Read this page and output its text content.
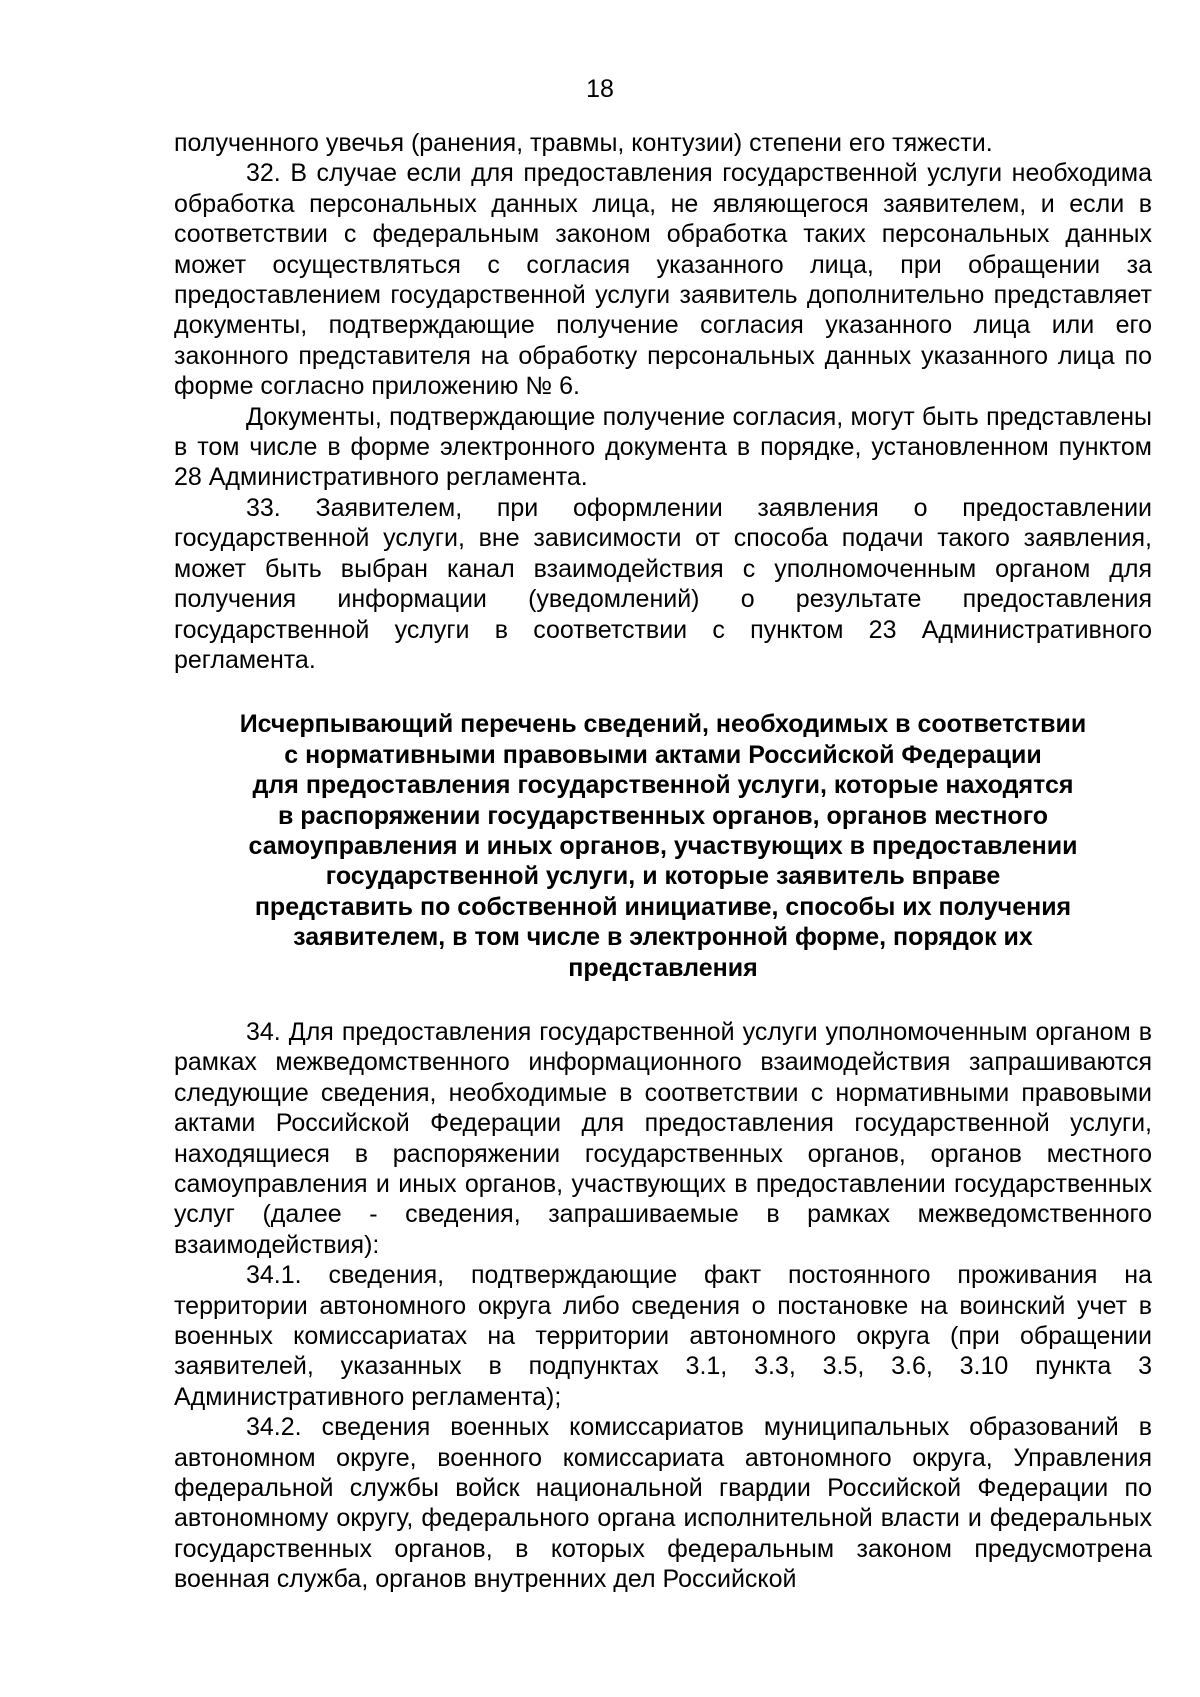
18

полученного увечья (ранения, травмы, контузии) степени его тяжести.

32. В случае если для предоставления государственной услуги необходима обработка персональных данных лица, не являющегося заявителем, и если в соответствии с федеральным законом обработка таких персональных данных может осуществляться с согласия указанного лица, при обращении за предоставлением государственной услуги заявитель дополнительно представляет документы, подтверждающие получение согласия указанного лица или его законного представителя на обработку персональных данных указанного лица по форме согласно приложению № 6.

Документы, подтверждающие получение согласия, могут быть представлены в том числе в форме электронного документа в порядке, установленном пунктом 28 Административного регламента.

33. Заявителем, при оформлении заявления о предоставлении государственной услуги, вне зависимости от способа подачи такого заявления, может быть выбран канал взаимодействия с уполномоченным органом для получения информации (уведомлений) о результате предоставления государственной услуги в соответствии с пунктом 23 Административного регламента.

Исчерпывающий перечень сведений, необходимых в соответствии
с нормативными правовыми актами Российской Федерации
для предоставления государственной услуги, которые находятся
в распоряжении государственных органов, органов местного
самоуправления и иных органов, участвующих в предоставлении
государственной услуги, и которые заявитель вправе
представить по собственной инициативе, способы их получения
заявителем, в том числе в электронной форме, порядок их
представления

34. Для предоставления государственной услуги уполномоченным органом в рамках межведомственного информационного взаимодействия запрашиваются следующие сведения, необходимые в соответствии с нормативными правовыми актами Российской Федерации для предоставления государственной услуги, находящиеся в распоряжении государственных органов, органов местного самоуправления и иных органов, участвующих в предоставлении государственных услуг (далее - сведения, запрашиваемые в рамках межведомственного взаимодействия):

34.1. сведения, подтверждающие факт постоянного проживания на территории автономного округа либо сведения о постановке на воинский учет в военных комиссариатах на территории автономного округа (при обращении заявителей, указанных в подпунктах 3.1, 3.3, 3.5, 3.6, 3.10 пункта 3 Административного регламента);

34.2. сведения военных комиссариатов муниципальных образований в автономном округе, военного комиссариата автономного округа, Управления федеральной службы войск национальной гвардии Российской Федерации по автономному округу, федерального органа исполнительной власти и федеральных государственных органов, в которых федеральным законом предусмотрена военная служба, органов внутренних дел Российской
